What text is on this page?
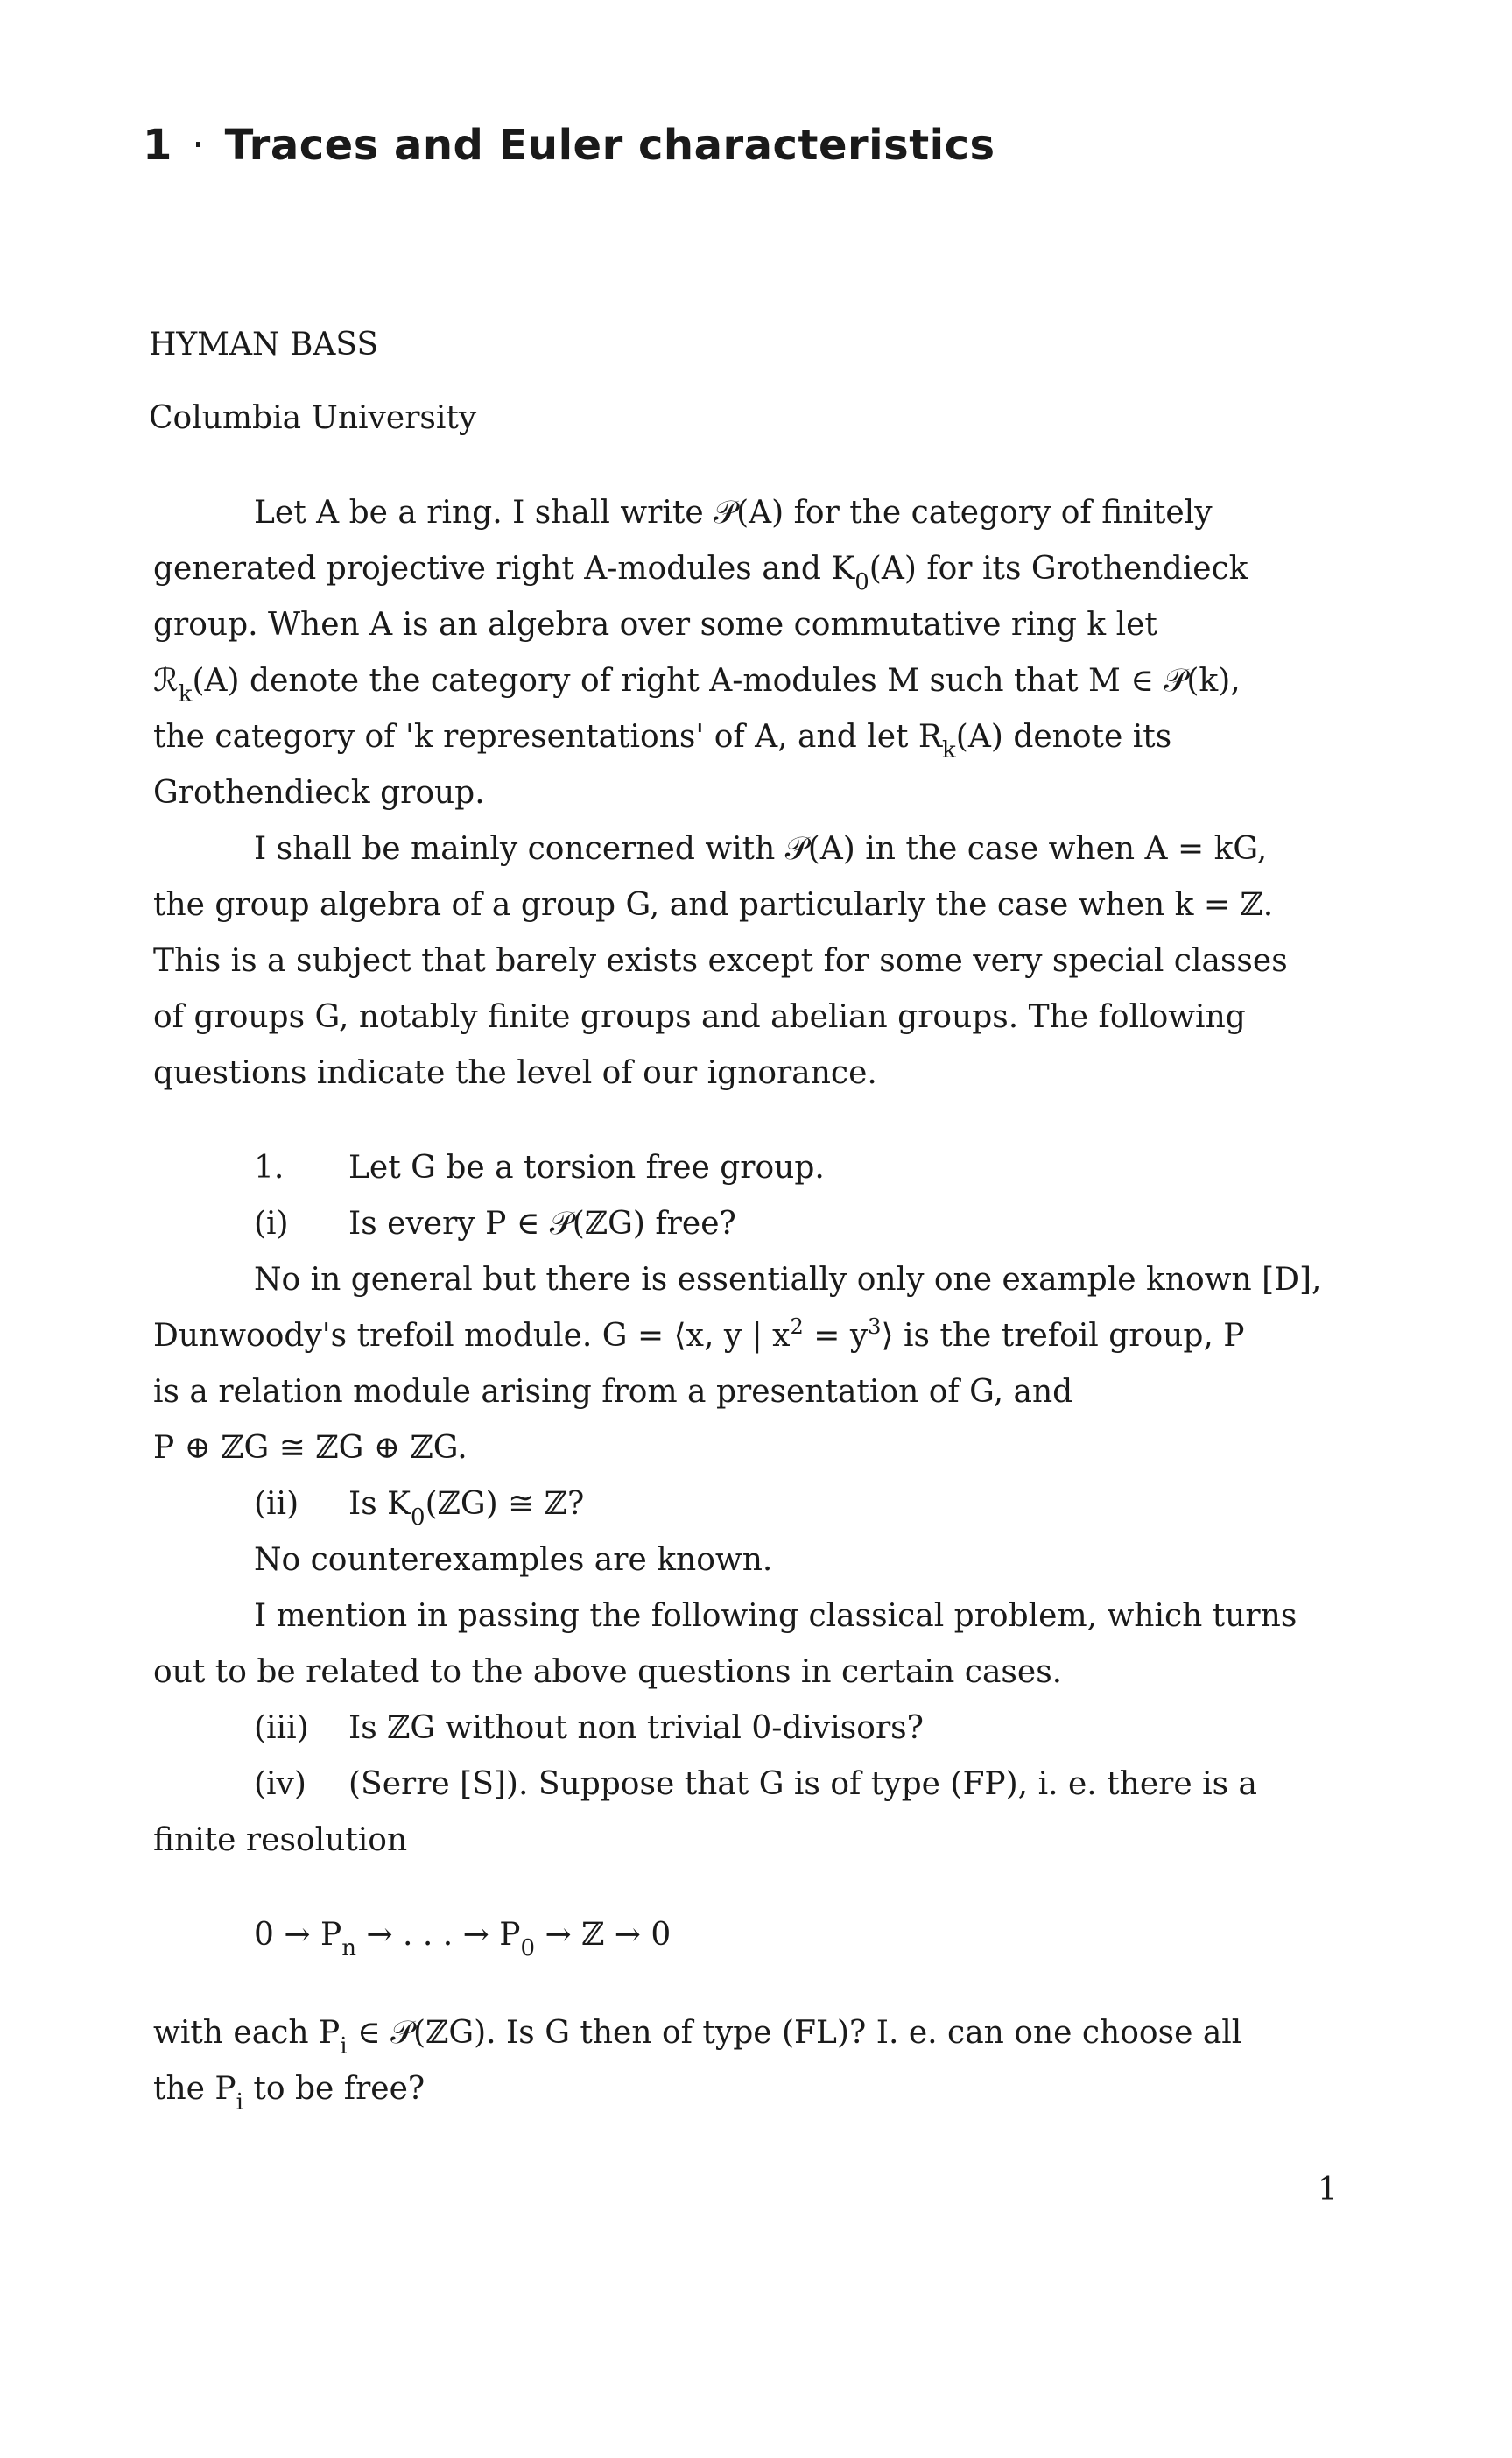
1 · Traces and Euler characteristics
HYMAN BASS
Columbia University
Let A be a ring. I shall write 𝒫(A) for the category of finitely
generated projective right A-modules and $K_0(A)$ for its Grothendieck
group. When A is an algebra over some commutative ring k let
ℛ$_k$(A) denote the category of right A-modules M such that M ∈ 𝒫(k),
the category of 'k representations' of A, and let $R_k(A)$ denote its
Grothendieck group.
I shall be mainly concerned with 𝒫(A) in the case when A = kG,
the group algebra of a group G, and particularly the case when k = ℤ.
This is a subject that barely exists except for some very special classes
of groups G, notably finite groups and abelian groups. The following
questions indicate the level of our ignorance.
1. Let G be a torsion free group.
(i) Is every P ∈ 𝒫(ℤG) free?
No in general but there is essentially only one example known [D],
Dunwoody's trefoil module. G = ⟨x, y | $x^2$ = $y^3⟩$ is the trefoil group, P
is a relation module arising from a presentation of G, and
P ⊕ ℤG ≅ ℤG ⊕ ℤG.
(ii) Is $K_0(ℤG)$ ≅ ℤ?
No counterexamples are known.
I mention in passing the following classical problem, which turns
out to be related to the above questions in certain cases.
(iii) Is ℤG without non trivial 0-divisors?
(iv) (Serre [S]). Suppose that G is of type (FP), i. e. there is a
finite resolution
$0 \to P_n$ → . . . → $P_0$ → ℤ → 0
with each $P_i$ ∈ 𝒫(ℤG). Is G then of type (FL)? I. e. can one choose all
the $P_i$ to be free?
1
